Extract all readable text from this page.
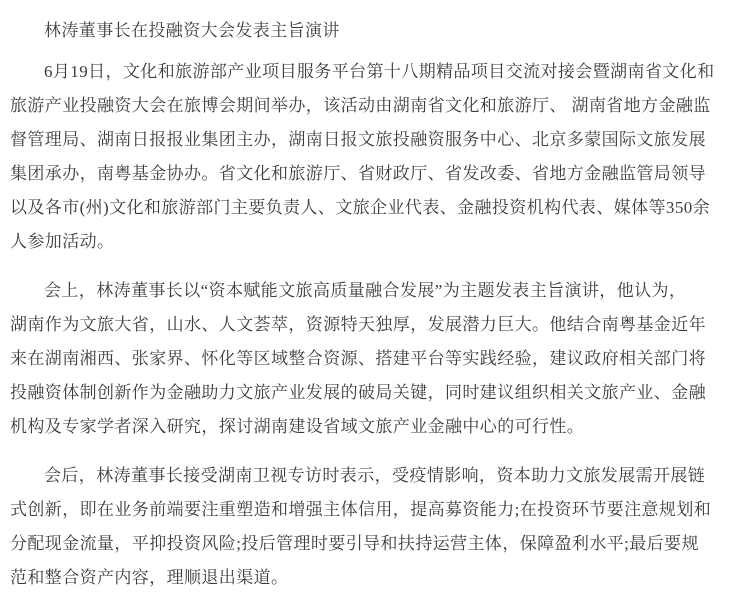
林涛董事长在投融资大会发表主旨演讲
6月19日，文化和旅游部产业项目服务平台第十八期精品项目交流对接会暨湖南省文化和
旅游产业投融资大会在旅博会期间举办，该活动由湖南省文化和旅游厅、 湖南省地方金融监
督管理局、湖南日报报业集团主办，湖南日报文旅投融资服务中心、北京多蒙国际文旅发展
集团承办，南粤基金协办。省文化和旅游厅、省财政厅、省发改委、省地方金融监管局领导
以及各市(州)文化和旅游部门主要负责人、文旅企业代表、金融投资机构代表、媒体等350余
人参加活动。
会上，林涛董事长以“资本赋能文旅高质量融合发展”为主题发表主旨演讲，他认为，
湖南作为文旅大省，山水、人文荟萃，资源特天独厚，发展潜力巨大。他结合南粤基金近年
来在湖南湘西、张家界、怀化等区域整合资源、搭建平台等实践经验，建议政府相关部门将
投融资体制创新作为金融助力文旅产业发展的破局关键，同时建议组织相关文旅产业、金融
机构及专家学者深入研究，探讨湖南建设省域文旅产业金融中心的可行性。
会后，林涛董事长接受湖南卫视专访时表示，受疫情影响，资本助力文旅发展需开展链
式创新，即在业务前端要注重塑造和增强主体信用，提高募资能力;在投资环节要注意规划和
分配现金流量，平抑投资风险;投后管理时要引导和扶持运营主体，保障盈利水平;最后要规
范和整合资产内容，理顺退出渠道。
